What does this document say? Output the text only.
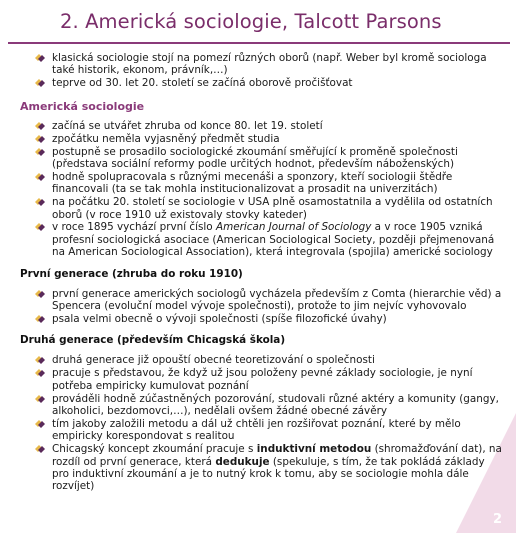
2. Americká sociologie, Talcott Parsons
2
klasická sociologie stojí na pomezí různých oborů (např. Weber byl kromě sociologa také historik, ekonom, právník,…)
teprve od 30. let 20. století se začíná oborově pročišťovat
Americká sociologie
začíná se utvářet zhruba od konce 80. let 19. století
zpočátku neměla vyjasněný předmět studia
postupně se prosadilo sociologické zkoumání směřující k proměně společnosti (představa sociální reformy podle určitých hodnot, především náboženských)
hodně spolupracovala s různými mecenáši a sponzory, kteří sociologii štědře financovali (ta se tak mohla institucionalizovat a prosadit na univerzitách)
na počátku 20. století se sociologie v USA plně osamostatnila a vydělila od ostatních oborů (v roce 1910 už existovaly stovky kateder)
v roce 1895 vychází první číslo American Journal of Sociology a v roce 1905 vzniká profesní sociologická asociace (American Sociological Society, později přejmenovaná na American Sociological Association), která integrovala (spojila) americké sociology
První generace (zhruba do roku 1910)
první generace amerických sociologů vycházela především z Comta (hierarchie věd) a Spencera (evoluční model vývoje společnosti), protože to jim nejvíc vyhovovalo
psala velmi obecně o vývoji společnosti (spíše filozofické úvahy)
Druhá generace (především Chicagská škola)
druhá generace již opouští obecné teoretizování o společnosti
pracuje s představou, že když už jsou položeny pevné základy sociologie, je nyní potřeba empiricky kumulovat poznání
prováděli hodně zúčastněných pozorování, studovali různé aktéry a komunity (gangy, alkoholici, bezdomovci,…), nedělali ovšem žádné obecné závěry
tím jakoby založili metodu a dál už chtěli jen rozšiřovat poznání, které by mělo empiricky korespondovat s realitou
Chicagský koncept zkoumání pracuje s induktivní metodou (shromažďování dat), na rozdíl od první generace, která dedukuje (spekuluje, s tím, že tak pokládá základy pro induktivní zkoumání a je to nutný krok k tomu, aby se sociologie mohla dále rozvíjet)
